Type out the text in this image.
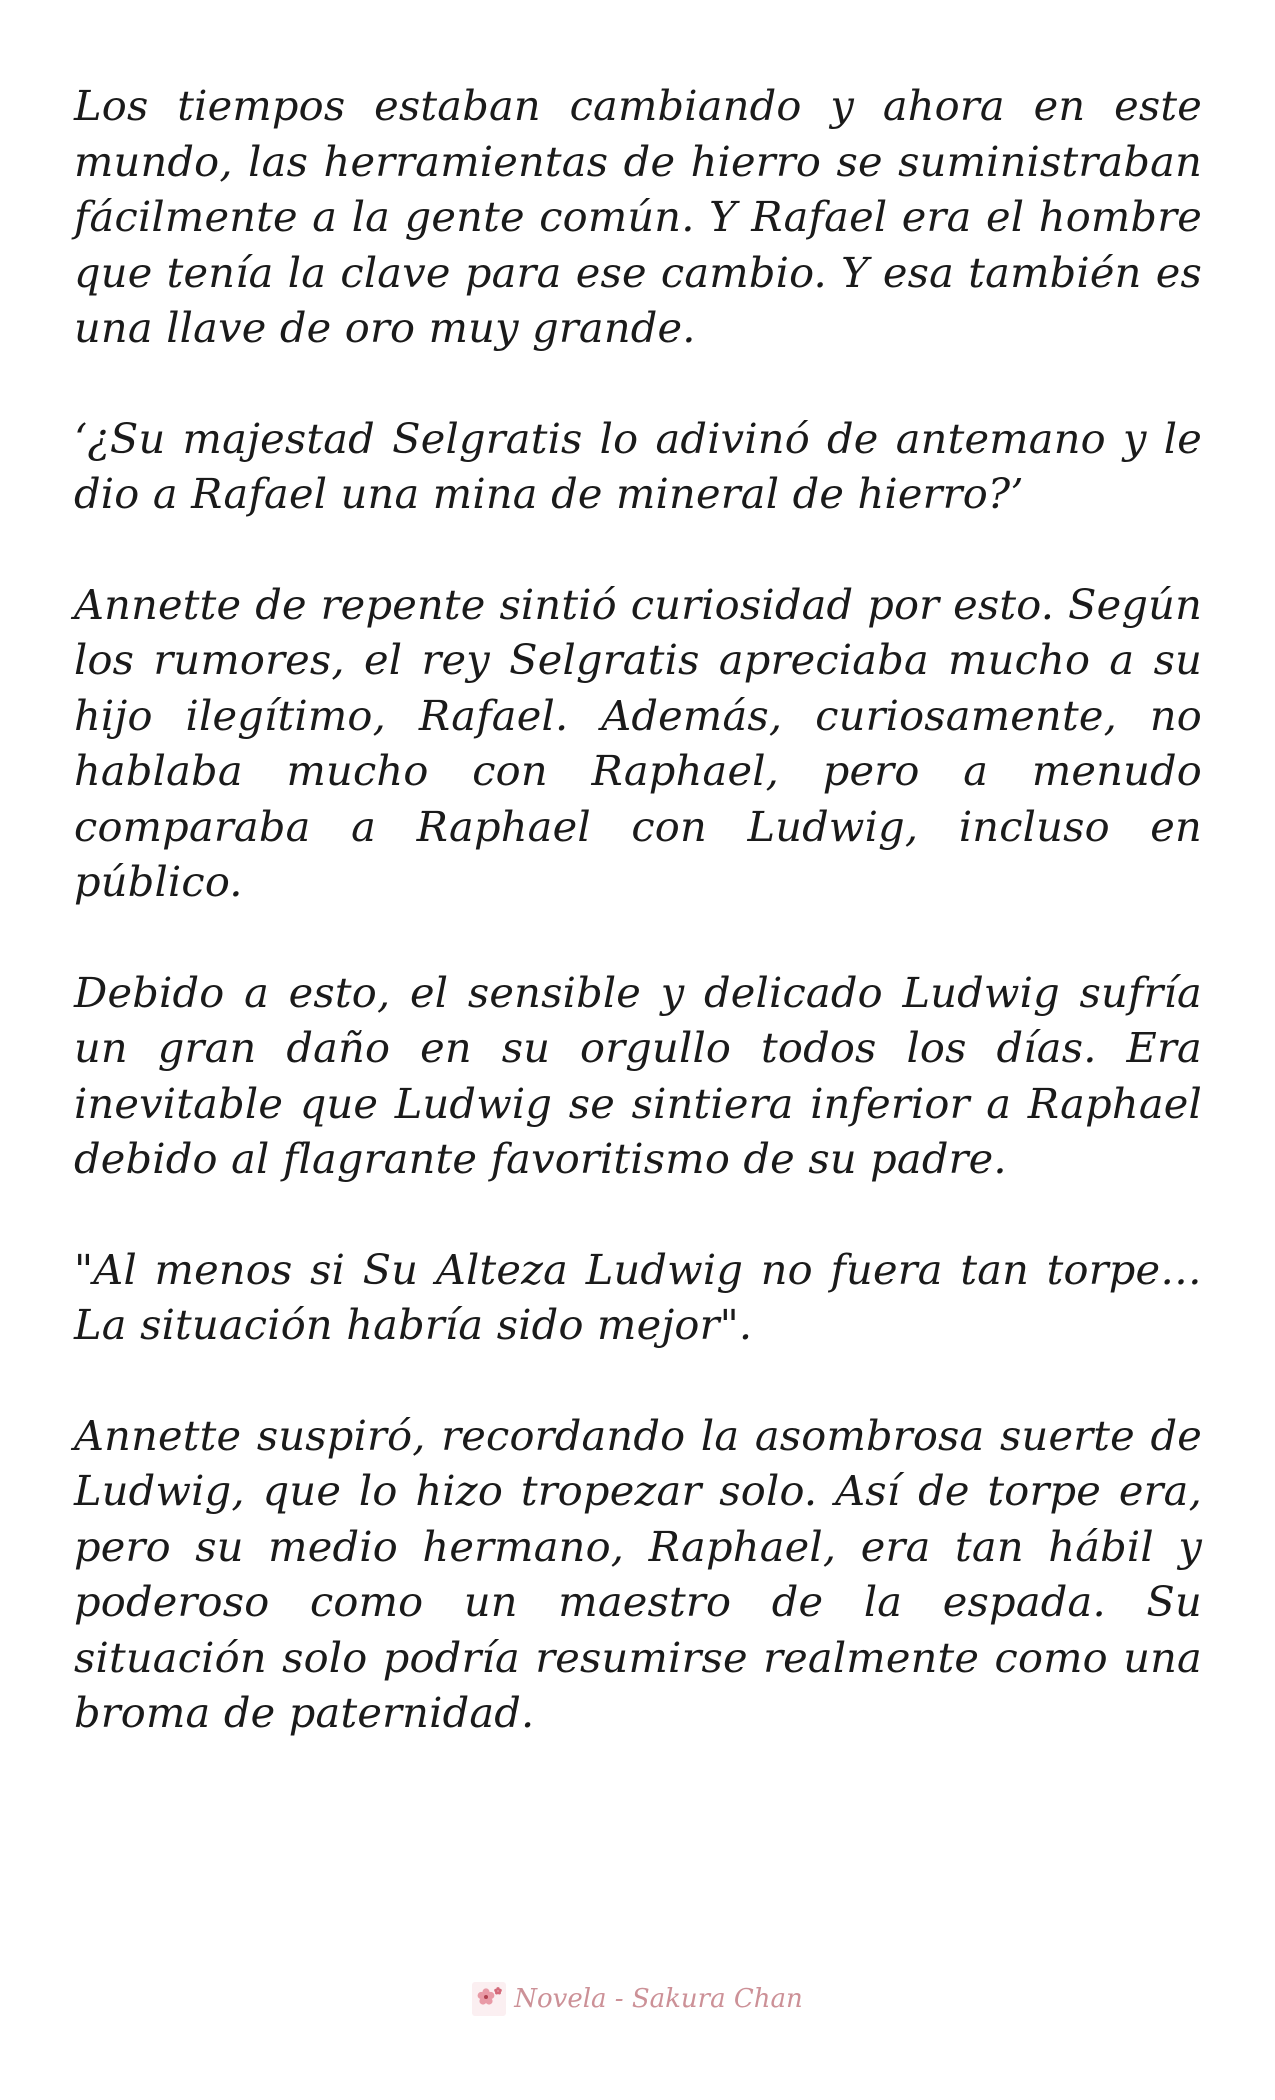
Los tiempos estaban cambiando y ahora en este mundo, las herramientas de hierro se suministraban fácilmente a la gente común. Y Rafael era el hombre que tenía la clave para ese cambio. Y esa también es una llave de oro muy grande.

‘¿Su majestad Selgratis lo adivinó de antemano y le dio a Rafael una mina de mineral de hierro?’

Annette de repente sintió curiosidad por esto. Según los rumores, el rey Selgratis apreciaba mucho a su hijo ilegítimo, Rafael. Además, curiosamente, no hablaba mucho con Raphael, pero a menudo comparaba a Raphael con Ludwig, incluso en público.

Debido a esto, el sensible y delicado Ludwig sufría un gran daño en su orgullo todos los días. Era inevitable que Ludwig se sintiera inferior a Raphael debido al flagrante favoritismo de su padre.

"Al menos si Su Alteza Ludwig no fuera tan torpe…La situación habría sido mejor".

Annette suspiró, recordando la asombrosa suerte de Ludwig, que lo hizo tropezar solo. Así de torpe era, pero su medio hermano, Raphael, era tan hábil y poderoso como un maestro de la espada. Su situación solo podría resumirse realmente como una broma de paternidad.

Novela - Sakura Chan
